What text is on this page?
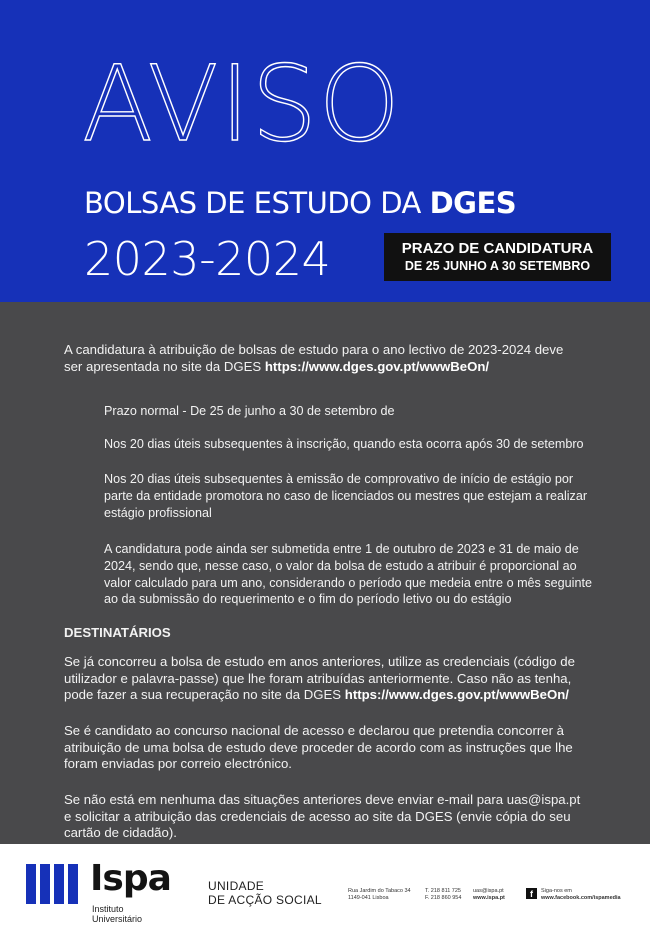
AVISO
BOLSAS DE ESTUDO DA DGES
2023-2024	PRAZO DE CANDIDATURA
DE 25 JUNHO A 30 SETEMBRO
A candidatura à atribuição de bolsas de estudo para o ano lectivo de 2023-2024 deve ser apresentada no site da DGES https://www.dges.gov.pt/wwwBeOn/
Prazo normal - De 25 de junho a 30 de setembro de
Nos 20 dias úteis subsequentes à inscrição, quando esta ocorra após 30 de setembro
Nos 20 dias úteis subsequentes à emissão de comprovativo de início de estágio por parte da entidade promotora no caso de licenciados ou mestres que estejam a realizar estágio profissional
A candidatura pode ainda ser submetida entre 1 de outubro de 2023 e 31 de maio de 2024, sendo que, nesse caso, o valor da bolsa de estudo a atribuir é proporcional ao valor calculado para um ano, considerando o período que medeia entre o mês seguinte ao da submissão do requerimento e o fim do período letivo ou do estágio
DESTINATÁRIOS
Se já concorreu a bolsa de estudo em anos anteriores, utilize as credenciais (código de utilizador e palavra-passe) que lhe foram atribuídas anteriormente. Caso não as tenha, pode fazer a sua recuperação no site da DGES https://www.dges.gov.pt/wwwBeOn/
Se é candidato ao concurso nacional de acesso e declarou que pretendia concorrer à atribuição de uma bolsa de estudo deve proceder de acordo com as instruções que lhe foram enviadas por correio electrónico.
Se não está em nenhuma das situações anteriores deve enviar e-mail para uas@ispa.pt e solicitar a atribuição das credenciais de acesso ao site da DGES (envie cópia do seu cartão de cidadão).
Ispa
Instituto
Universitário
UNIDADE
DE ACÇÃO SOCIAL
Rua Jardim do Tabaco 34
1149-041 Lisboa
T. 218 811 725
F. 218 860 954
uas@ispa.pt
www.ispa.pt	f	Siga-nos em
www.facebook.com/ispamedia
